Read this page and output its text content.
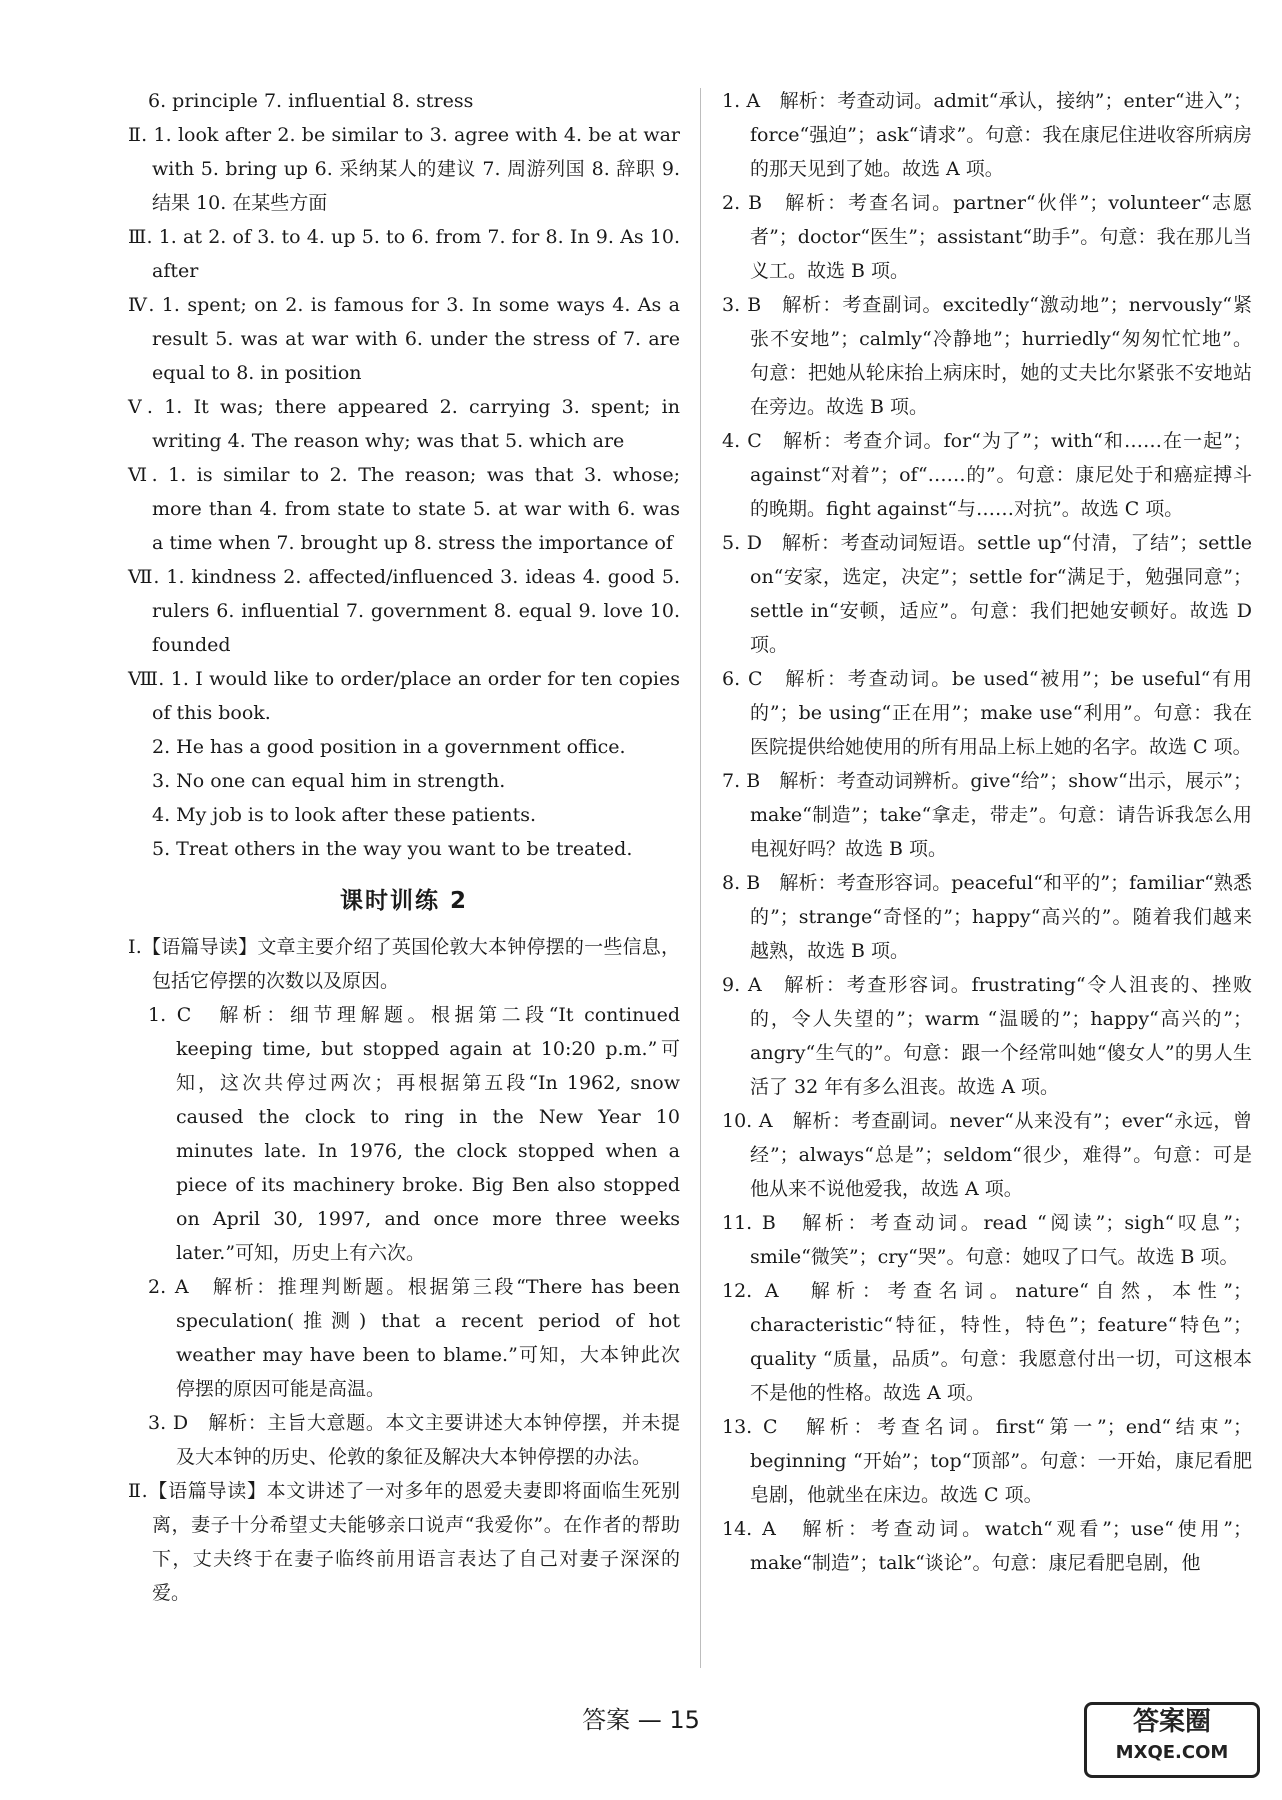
6. principle 7. influential 8. stress

Ⅱ. 1. look after 2. be similar to 3. agree with 4. be at war with 5. bring up 6. 采纳某人的建议 7. 周游列国 8. 辞职 9. 结果 10. 在某些方面

Ⅲ. 1. at 2. of 3. to 4. up 5. to 6. from 7. for 8. In 9. As 10. after

Ⅳ. 1. spent; on 2. is famous for 3. In some ways 4. As a result 5. was at war with 6. under the stress of 7. are equal to 8. in position

Ⅴ. 1. It was; there appeared 2. carrying 3. spent; in writing 4. The reason why; was that 5. which are

Ⅵ. 1. is similar to 2. The reason; was that 3. whose; more than 4. from state to state 5. at war with 6. was a time when 7. brought up 8. stress the importance of

Ⅶ. 1. kindness 2. affected/influenced 3. ideas 4. good 5. rulers 6. influential 7. government 8. equal 9. love 10. founded

Ⅷ. 1. I would like to order/place an order for ten copies of this book.

2. He has a good position in a government office.

3. No one can equal him in strength.

4. My job is to look after these patients.

5. Treat others in the way you want to be treated.

课时训练 2

Ⅰ.【语篇导读】文章主要介绍了英国伦敦大本钟停摆的一些信息，包括它停摆的次数以及原因。

1. C　解析：细节理解题。根据第二段“It continued keeping time, but stopped again at 10:20 p.m.”可知，这次共停过两次；再根据第五段“In 1962, snow caused the clock to ring in the New Year 10 minutes late. In 1976, the clock stopped when a piece of its machinery broke. Big Ben also stopped on April 30, 1997, and once more three weeks later.”可知，历史上有六次。

2. A　解析：推理判断题。根据第三段“There has been speculation(推测) that a recent period of hot weather may have been to blame.”可知，大本钟此次停摆的原因可能是高温。

3. D　解析：主旨大意题。本文主要讲述大本钟停摆，并未提及大本钟的历史、伦敦的象征及解决大本钟停摆的办法。

Ⅱ.【语篇导读】本文讲述了一对多年的恩爱夫妻即将面临生死别离，妻子十分希望丈夫能够亲口说声“我爱你”。在作者的帮助下，丈夫终于在妻子临终前用语言表达了自己对妻子深深的爱。

1. A　解析：考查动词。admit“承认，接纳”；enter“进入”；force“强迫”；ask“请求”。句意：我在康尼住进收容所病房的那天见到了她。故选 A 项。

2. B　解析：考查名词。partner“伙伴”；volunteer“志愿者”；doctor“医生”；assistant“助手”。句意：我在那儿当义工。故选 B 项。

3. B　解析：考查副词。excitedly“激动地”；nervously“紧张不安地”；calmly“冷静地”；hurriedly“匆匆忙忙地”。句意：把她从轮床抬上病床时，她的丈夫比尔紧张不安地站在旁边。故选 B 项。

4. C　解析：考查介词。for“为了”；with“和……在一起”；against“对着”；of“……的”。句意：康尼处于和癌症搏斗的晚期。fight against“与……对抗”。故选 C 项。

5. D　解析：考查动词短语。settle up“付清，了结”；settle on“安家，选定，决定”；settle for“满足于，勉强同意”；settle in“安顿，适应”。句意：我们把她安顿好。故选 D 项。

6. C　解析：考查动词。be used“被用”；be useful“有用的”；be using“正在用”；make use“利用”。句意：我在医院提供给她使用的所有用品上标上她的名字。故选 C 项。

7. B　解析：考查动词辨析。give“给”；show“出示，展示”；make“制造”；take“拿走，带走”。句意：请告诉我怎么用电视好吗？故选 B 项。

8. B　解析：考查形容词。peaceful“和平的”；familiar“熟悉的”；strange“奇怪的”；happy“高兴的”。随着我们越来越熟，故选 B 项。

9. A　解析：考查形容词。frustrating“令人沮丧的、挫败的，令人失望的”；warm “温暖的”；happy“高兴的”；angry“生气的”。句意：跟一个经常叫她“傻女人”的男人生活了 32 年有多么沮丧。故选 A 项。

10. A　解析：考查副词。never“从来没有”；ever“永远，曾经”；always“总是”；seldom“很少，难得”。句意：可是他从来不说他爱我，故选 A 项。

11. B　解析：考查动词。read “阅读”；sigh“叹息”；smile“微笑”；cry“哭”。句意：她叹了口气。故选 B 项。

12. A　解析：考查名词。nature“自然，本性”；characteristic“特征，特性，特色”；feature“特色”；quality “质量，品质”。句意：我愿意付出一切，可这根本不是他的性格。故选 A 项。

13. C　解析：考查名词。first“第一”；end“结束”；beginning “开始”；top“顶部”。句意：一开始，康尼看肥皂剧，他就坐在床边。故选 C 项。

14. A　解析：考查动词。watch“观看”；use“使用”；make“制造”；talk“谈论”。句意：康尼看肥皂剧，他

答案 — 15	答案圈
MXQE.COM
